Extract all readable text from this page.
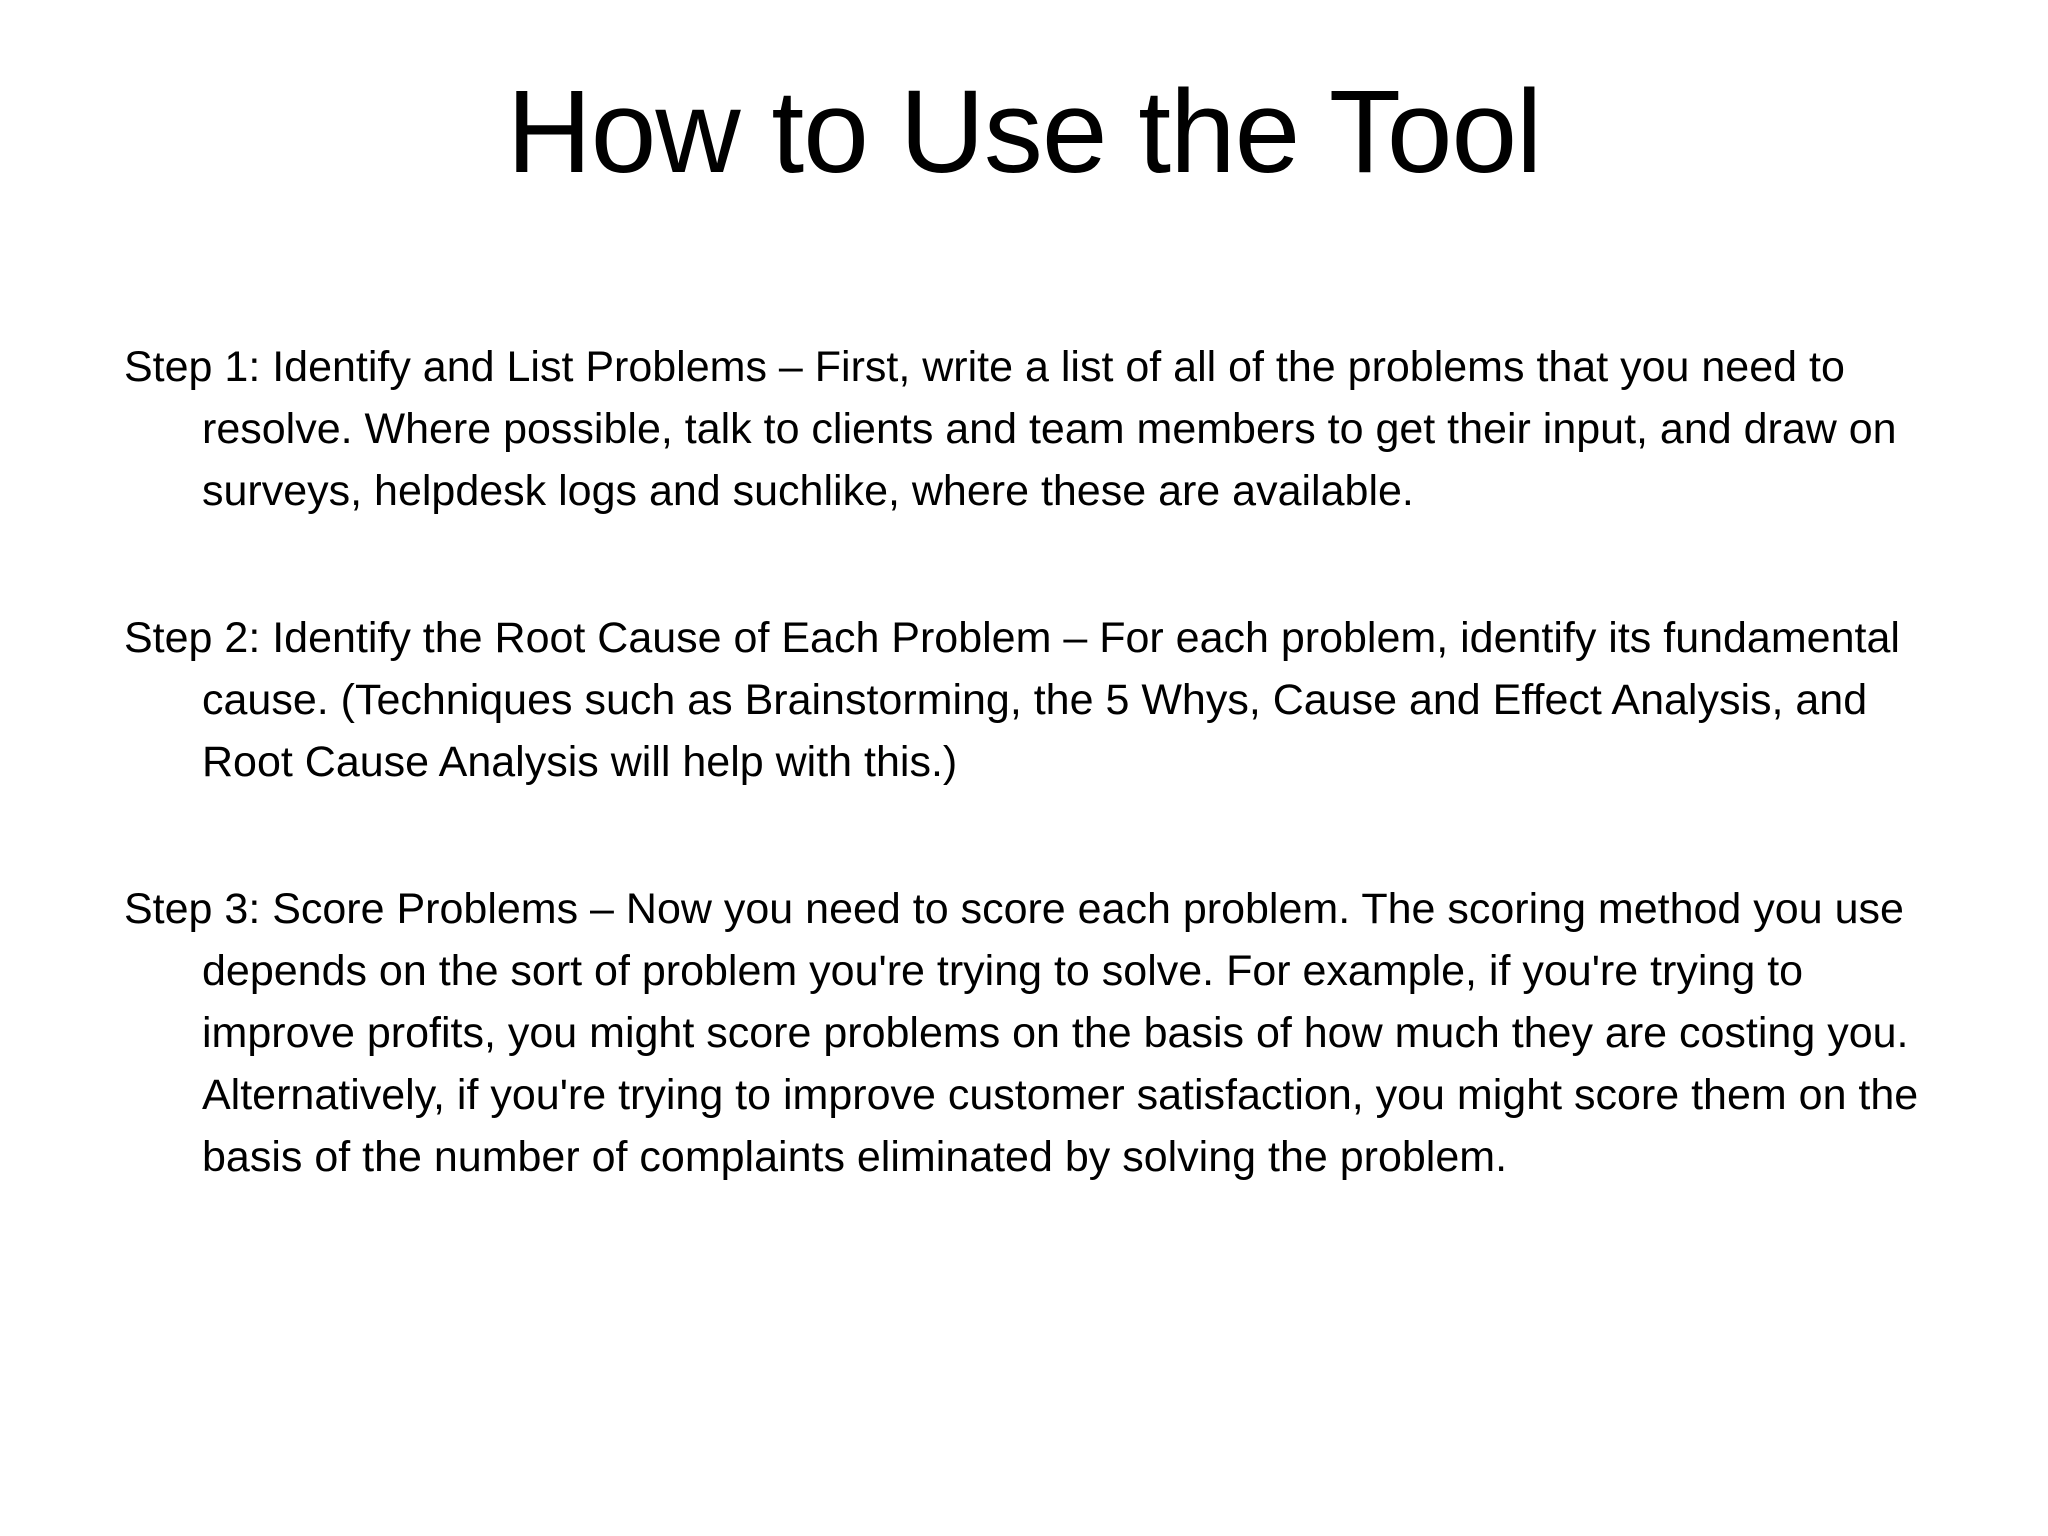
How to Use the Tool
Step 1: Identify and List Problems – First, write a list of all of the problems that you need to resolve. Where possible, talk to clients and team members to get their input, and draw on surveys, helpdesk logs and suchlike, where these are available.
Step 2: Identify the Root Cause of Each Problem – For each problem, identify its fundamental cause. (Techniques such as Brainstorming, the 5 Whys, Cause and Effect Analysis, and Root Cause Analysis will help with this.)
Step 3: Score Problems – Now you need to score each problem. The scoring method you use depends on the sort of problem you're trying to solve. For example, if you're trying to improve profits, you might score problems on the basis of how much they are costing you. Alternatively, if you're trying to improve customer satisfaction, you might score them on the basis of the number of complaints eliminated by solving the problem.
